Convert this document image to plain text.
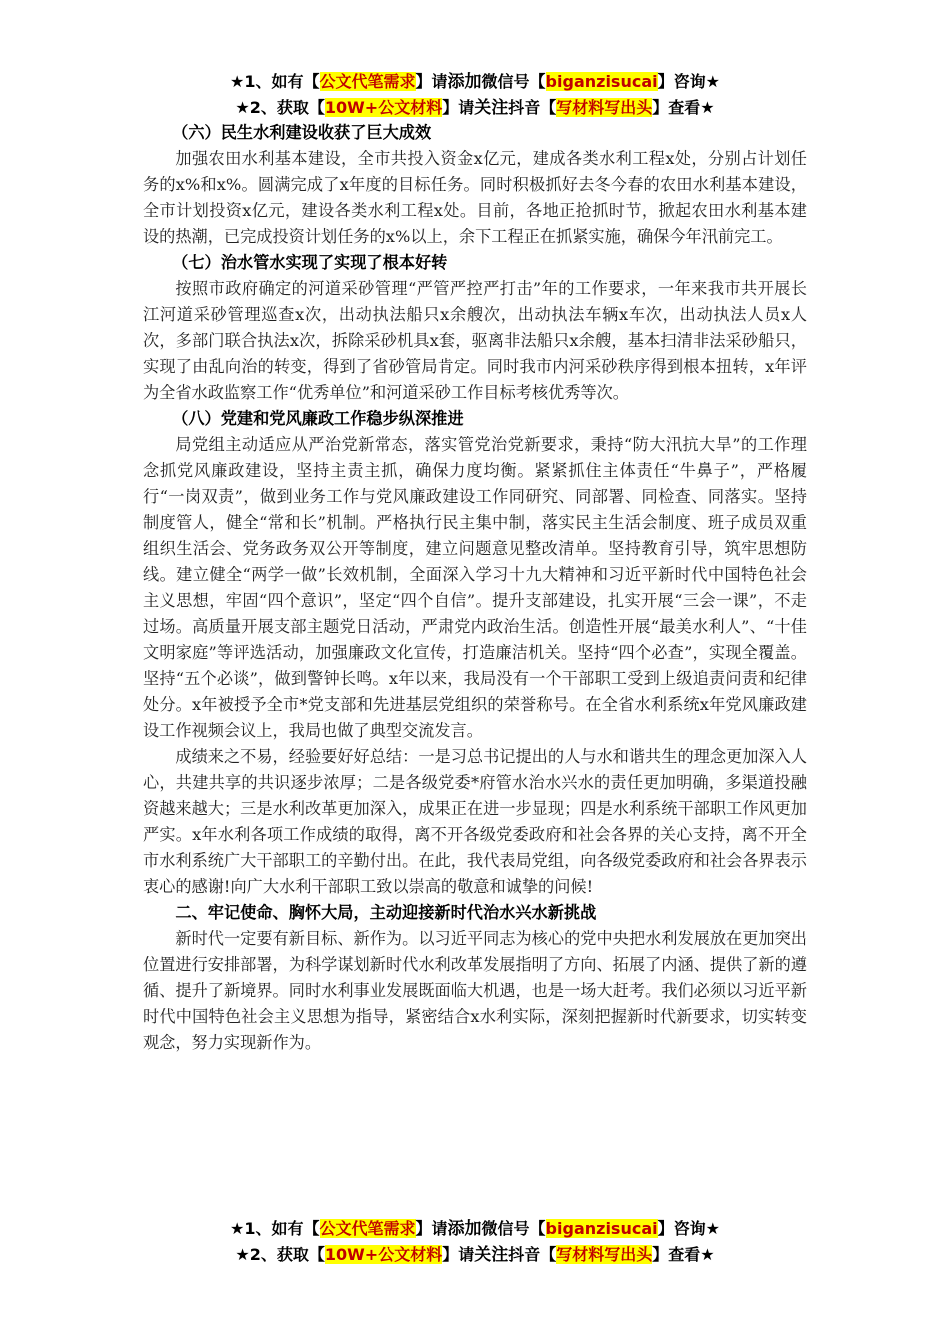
★1、如有【公文代笔需求】请添加微信号【biganzisucai】咨询★
★2、获取【10W+公文材料】请关注抖音【写材料写出头】查看★
（六）民生水利建设收获了巨大成效

加强农田水利基本建设，全市共投入资金x亿元，建成各类水利工程x处，分别占计划任务的x%和x%。圆满完成了x年度的目标任务。同时积极抓好去冬今春的农田水利基本建设，全市计划投资x亿元，建设各类水利工程x处。目前，各地正抢抓时节，掀起农田水利基本建设的热潮，已完成投资计划任务的x%以上，余下工程正在抓紧实施，确保今年汛前完工。

（七）治水管水实现了实现了根本好转

按照市政府确定的河道采砂管理“严管严控严打击”年的工作要求，一年来我市共开展长江河道采砂管理巡查x次，出动执法船只x余艘次，出动执法车辆x车次，出动执法人员x人次，多部门联合执法x次，拆除采砂机具x套，驱离非法船只x余艘，基本扫清非法采砂船只，实现了由乱向治的转变，得到了省砂管局肯定。同时我市内河采砂秩序得到根本扭转，x年评为全省水政监察工作“优秀单位”和河道采砂工作目标考核优秀等次。

（八）党建和党风廉政工作稳步纵深推进

局党组主动适应从严治党新常态，落实管党治党新要求，秉持“防大汛抗大旱”的工作理念抓党风廉政建设，坚持主责主抓，确保力度均衡。紧紧抓住主体责任“牛鼻子”，严格履行“一岗双责”，做到业务工作与党风廉政建设工作同研究、同部署、同检查、同落实。坚持制度管人，健全“常和长”机制。严格执行民主集中制，落实民主生活会制度、班子成员双重组织生活会、党务政务双公开等制度，建立问题意见整改清单。坚持教育引导，筑牢思想防线。建立健全“两学一做”长效机制，全面深入学习十九大精神和习近平新时代中国特色社会主义思想，牢固“四个意识”，坚定“四个自信”。提升支部建设，扎实开展“三会一课”，不走过场。高质量开展支部主题党日活动，严肃党内政治生活。创造性开展“最美水利人”、“十佳文明家庭”等评选活动，加强廉政文化宣传，打造廉洁机关。坚持“四个必查”，实现全覆盖。坚持“五个必谈”，做到警钟长鸣。x年以来，我局没有一个干部职工受到上级追责问责和纪律处分。x年被授予全市*党支部和先进基层党组织的荣誉称号。在全省水利系统x年党风廉政建设工作视频会议上，我局也做了典型交流发言。

成绩来之不易，经验要好好总结：一是习总书记提出的人与水和谐共生的理念更加深入人心，共建共享的共识逐步浓厚；二是各级党委*府管水治水兴水的责任更加明确，多渠道投融资越来越大；三是水利改革更加深入，成果正在进一步显现；四是水利系统干部职工作风更加严实。x年水利各项工作成绩的取得，离不开各级党委政府和社会各界的关心支持，离不开全市水利系统广大干部职工的辛勤付出。在此，我代表局党组，向各级党委政府和社会各界表示衷心的感谢!向广大水利干部职工致以崇高的敬意和诚挚的问候!

二、牢记使命、胸怀大局，主动迎接新时代治水兴水新挑战

新时代一定要有新目标、新作为。以习近平同志为核心的党中央把水利发展放在更加突出位置进行安排部署，为科学谋划新时代水利改革发展指明了方向、拓展了内涵、提供了新的遵循、提升了新境界。同时水利事业发展既面临大机遇，也是一场大赶考。我们必须以习近平新时代中国特色社会主义思想为指导，紧密结合x水利实际，深刻把握新时代新要求，切实转变观念，努力实现新作为。

★1、如有【公文代笔需求】请添加微信号【biganzisucai】咨询★
★2、获取【10W+公文材料】请关注抖音【写材料写出头】查看★
